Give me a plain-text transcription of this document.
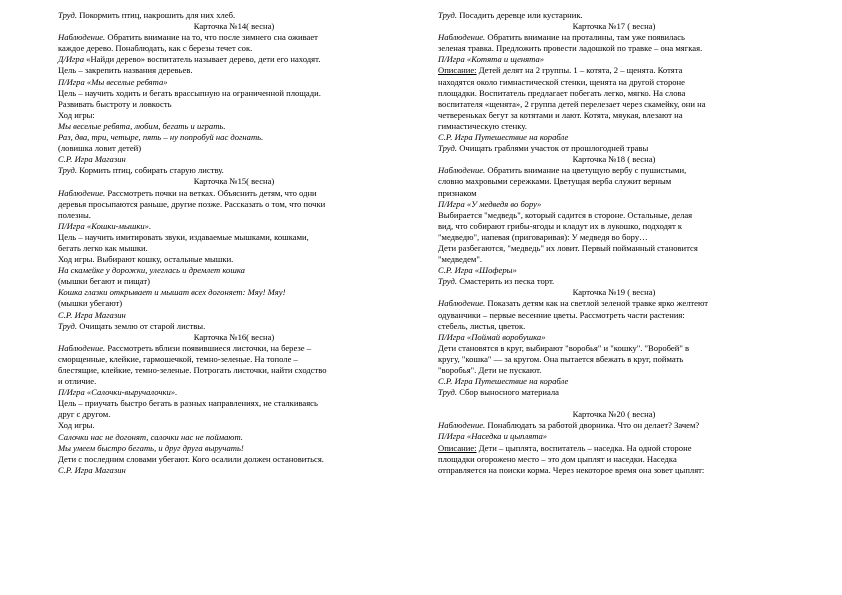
Труд. Покормить птиц, накрошить для них хлеб.

Карточка №14( весна)

Наблюдение. Обратить внимание на то, что после зимнего сна оживает

каждое дерево. Понаблюдать, как с березы течет сок.

Д/Игра «Найди дерево» воспитатель называет дерево, дети его находят.

Цель – закрепить названия деревьев.

П/Игра «Мы веселые ребята»

Цель – научить ходить и бегать врассыпную на ограниченной площади.

Развивать быстроту и ловкость

Ход игры:

Мы веселые ребята, любим, бегать и играть.

Раз, два, три, четыре, пять – ну попробуй нас догнать.

(ловишка ловит детей)

С.Р. Игра Магазин

Труд. Кормить птиц, собирать старую листву.

Карточка №15( весна)

Наблюдение. Рассмотреть почки на ветках. Объяснить детям, что одни

деревья просыпаются раньше, другие позже. Рассказать о том, что почки

полезны.

П/Игра «Кошки-мышки».

Цель – научить имитировать звуки, издаваемые мышками, кошками,

бегать легко как мышки.

Ход игры. Выбирают кошку, остальные мышки.

На скамейке у дорожки, улеглась и дремлет кошка

(мышки бегают и пищат)

Кошка глазки открывает и мышат всех догоняет: Мяу! Мяу!

(мышки убегают)

С.Р. Игра Магазин

Труд. Очищать землю от старой листвы.

Карточка №16( весна)

Наблюдение. Рассмотреть вблизи появившиеся листочки, на березе –

сморщенные, клейкие, гармошечкой, темно-зеленые. На тополе –

блестящие, клейкие, темно-зеленые. Потрогать листочки, найти сходство

и отличие.

П/Игра «Салочки-выручалочки».

Цель – приучать быстро бегать в разных направлениях, не сталкиваясь

друг с другом.

Ход игры.

Салочки нас не догонят, салочки нас не поймают.

Мы умеем быстро бегать, и друг друга выручать!

Дети с последним словами убегают. Кого осалили должен остановиться.

С.Р. Игра Магазин

Труд. Посадить деревце или кустарник.

Карточка №17 ( весна)

Наблюдение. Обратить внимание на проталины, там уже появилась

зеленая травка. Предложить провести ладошкой по травке – она мягкая.

П/Игра «Котята и щенята»

Описание: Детей делят на 2 группы. 1 – котята, 2 – щенята. Котята

находятся около гимнастической стенки, щенята на другой стороне

площадки. Воспитатель предлагает побегать легко, мягко. На слова

воспитателя «щенята», 2 группа детей перелезает через скамейку, они на

четвереньках бегут за котятами и лают. Котята, мяукая, влезают на

гимнастическую стенку.

С.Р. Игра Путешествие на корабле

Труд. Очищать граблями участок от прошлогодней травы

Карточка №18 ( весна)

Наблюдение. Обратить внимание на цветущую вербу с пушистыми,

словно махровыми сережками. Цветущая верба служит верным

признаком

П/Игра «У медведя во бору»

Выбирается "медведь", который садится в стороне. Остальные, делая

вид, что собирают грибы-ягоды и кладут их в лукошко, подходят к

"медведю", напевая (приговаривая): У медведя во бору…

Дети разбегаются, "медведь" их ловит. Первый пойманный становится

"медведем".

С.Р. Игра «Шоферы»

Труд. Смастерить из песка торт.

Карточка №19 ( весна)

Наблюдение. Показать детям как на светлой зеленой травке ярко желтеют

одуванчики – первые весенние цветы. Рассмотреть части растения:

стебель, листья, цветок.

П/Игра «Поймай воробушка»

Дети становятся в круг, выбирают "воробья" и "кошку". "Воробей" в

кругу, "кошка" — за кругом. Она пытается вбежать в круг, поймать

"воробья". Дети не пускают.

С.Р. Игра Путешествие на корабле

Труд. Сбор выносного материала

Карточка №20 ( весна)

Наблюдение. Понаблюдать за работой дворника. Что он делает? Зачем?

П/Игра «Наседка и цыплята»

Описание: Дети – цыплята, воспитатель – наседка. На одной стороне

площадки огорожено место – это дом цыплят и наседки. Наседка

отправляется на поиски корма. Через некоторое время она зовет цыплят:
